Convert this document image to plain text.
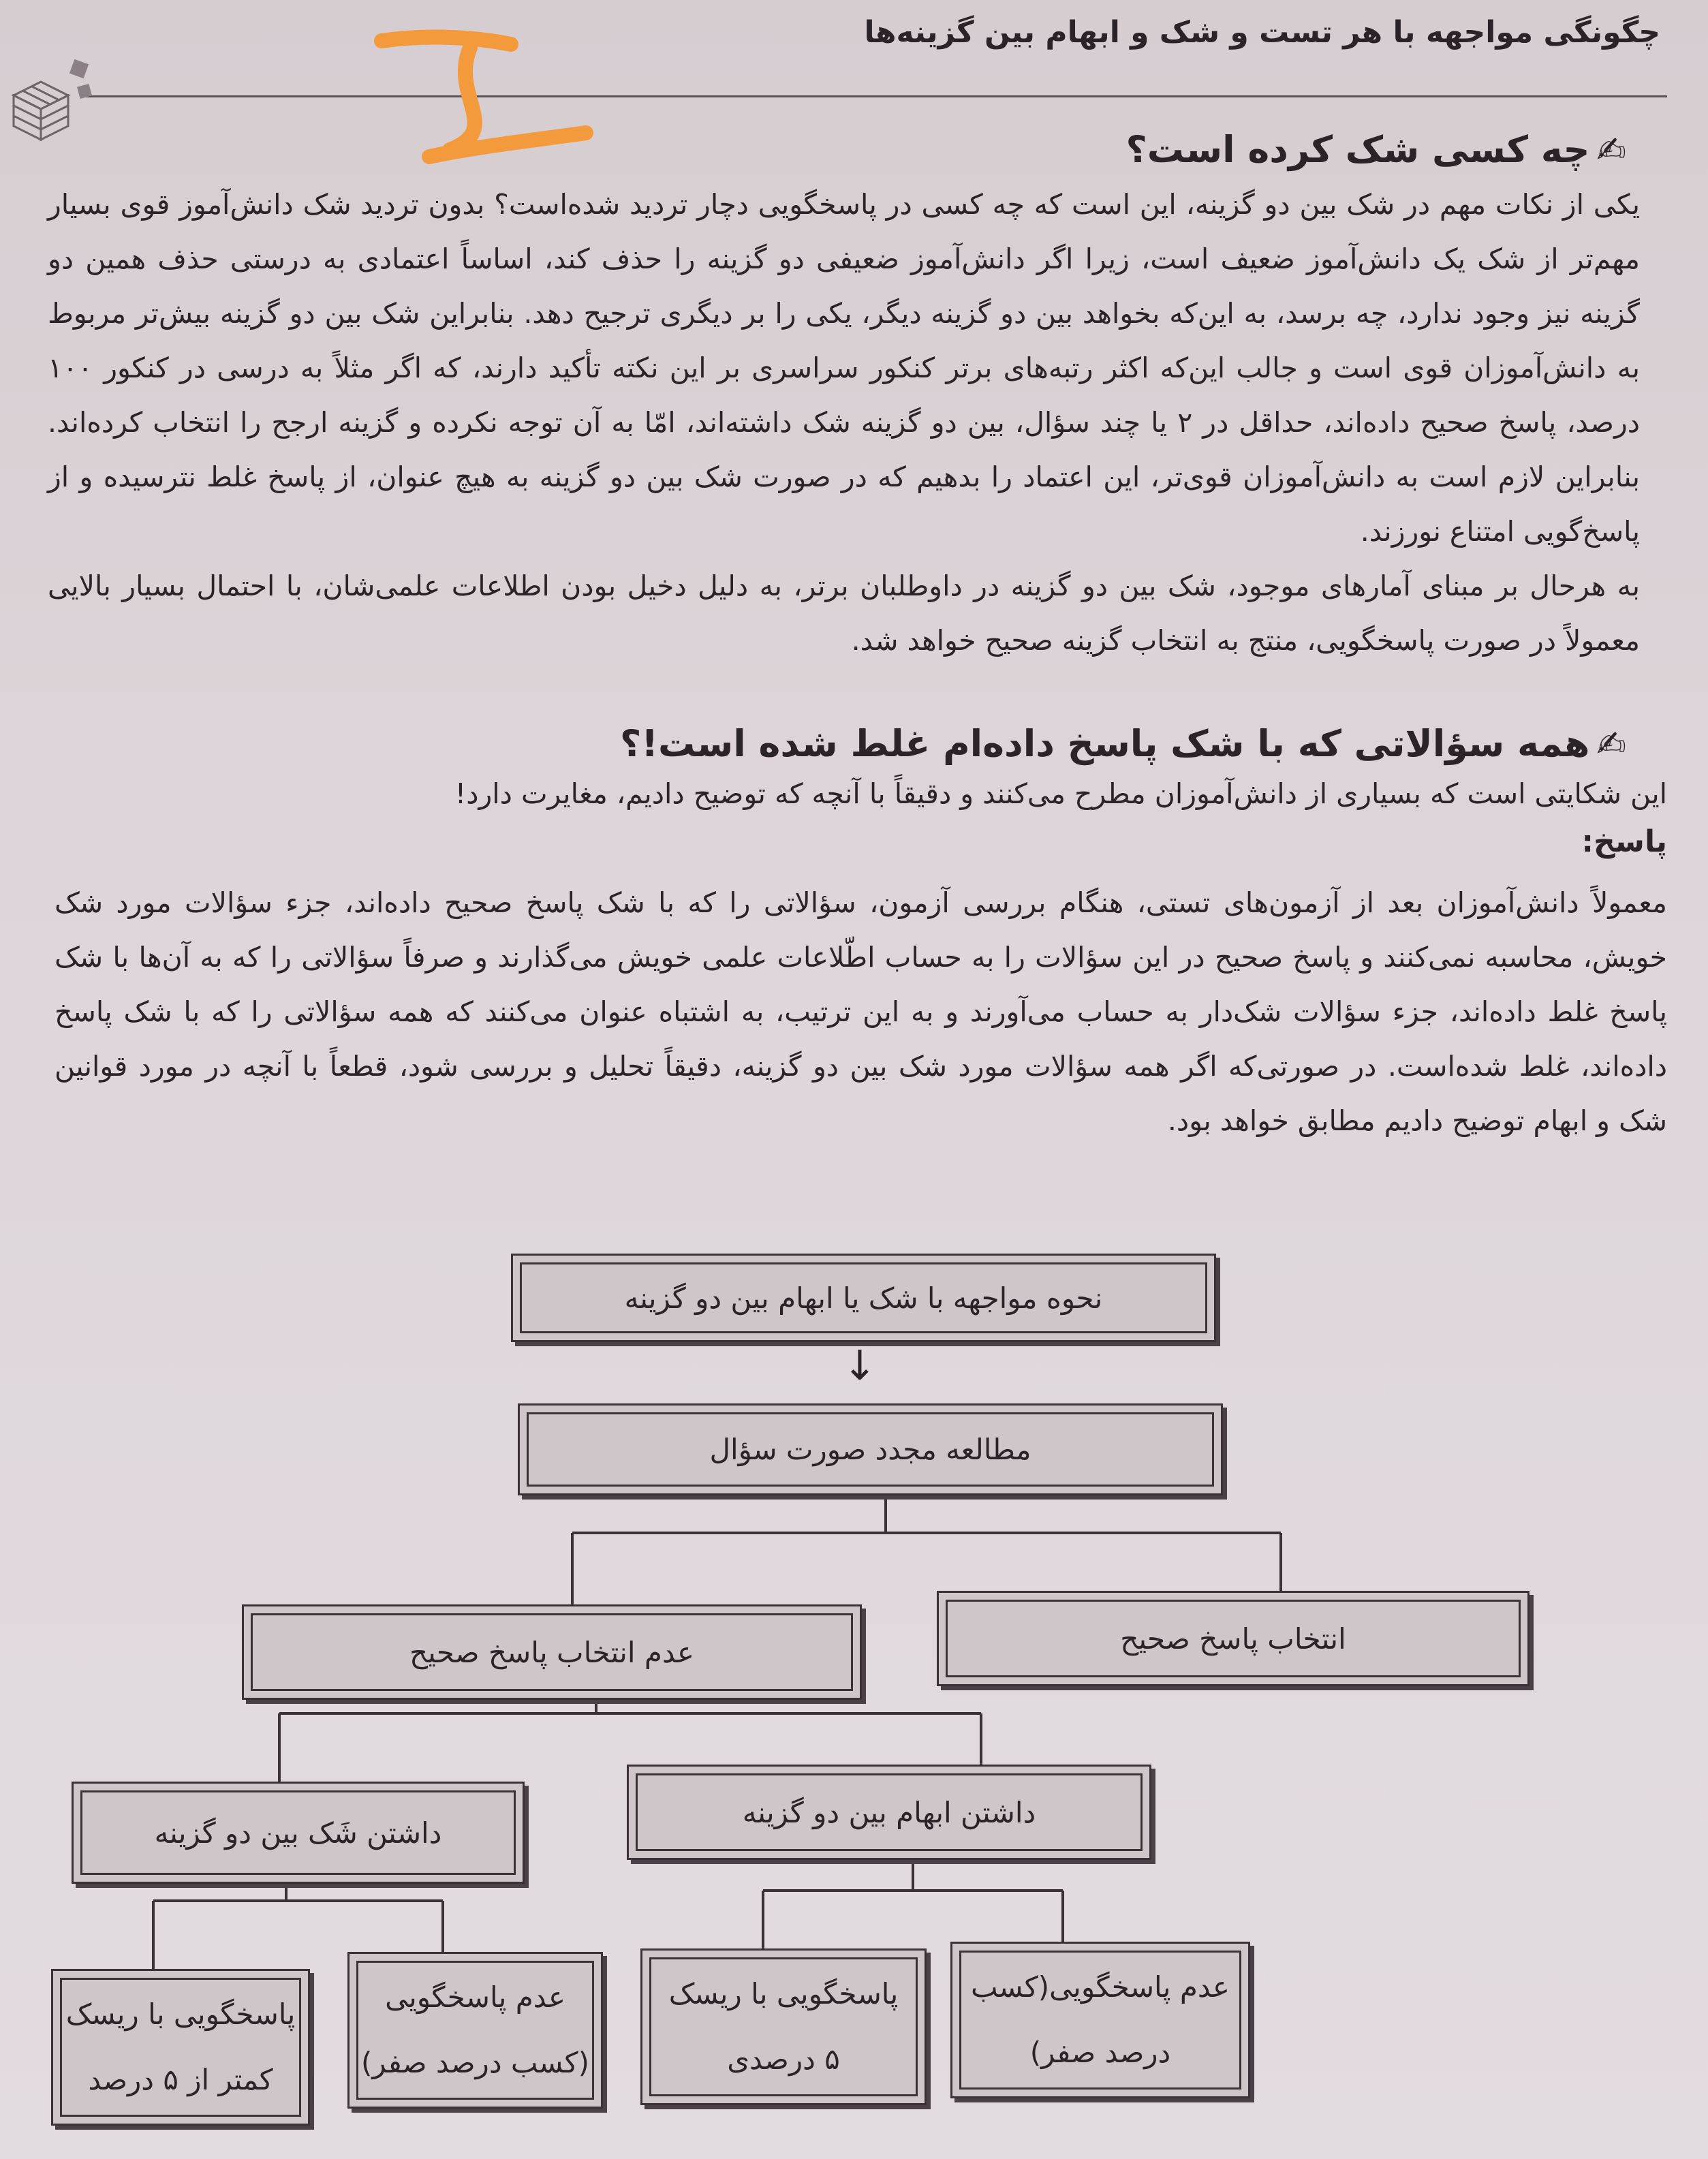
چگونگی مواجهه با هر تست و شک و ابهام بین گزینه‌ها
✍چه کسی شک کرده است؟

یکی از نکات مهم در شک بین دو گزینه، این است که چه کسی در پاسخگویی دچار تردید شده‌است؟ بدون تردید شک دانش‌آموز قوی بسیار مهم‌تر از شک یک دانش‌آموز ضعیف است، زیرا اگر دانش‌آموز ضعیفی دو گزینه را حذف کند، اساساً اعتمادی به درستی حذف همین دو گزینه نیز وجود ندارد، چه برسد، به این‌که بخواهد بین دو گزینه دیگر، یکی را بر دیگری ترجیح دهد. بنابراین شک بین دو گزینه بیش‌تر مربوط به دانش‌آموزان قوی است و جالب این‌که اکثر رتبه‌های برتر کنکور سراسری بر این نکته تأکید دارند، که اگر مثلاً به درسی در کنکور ۱۰۰ درصد، پاسخ صحیح داده‌اند، حداقل در ۲ یا چند سؤال، بین دو گزینه شک داشته‌اند، امّا به آن توجه نکرده و گزینه ارجح را انتخاب کرده‌اند. بنابراین لازم است به دانش‌آموزان قوی‌تر، این اعتماد را بدهیم که در صورت شک بین دو گزینه به هیچ عنوان، از پاسخ غلط نترسیده و از پاسخ‌گویی امتناع نورزند.

به هرحال بر مبنای آمارهای موجود، شک بین دو گزینه در داوطلبان برتر، به دلیل دخیل بودن اطلاعات علمی‌شان، با احتمال بسیار بالایی معمولاً در صورت پاسخگویی، منتج به انتخاب گزینه صحیح خواهد شد.

✍همه سؤالاتی که با شک پاسخ داده‌ام غلط شده است!؟
این شکایتی است که بسیاری از دانش‌آموزان مطرح می‌کنند و دقیقاً با آنچه که توضیح دادیم، مغایرت دارد!
پاسخ:
معمولاً دانش‌آموزان بعد از آزمون‌های تستی، هنگام بررسی آزمون، سؤالاتی را که با شک پاسخ صحیح داده‌اند، جزء سؤالات مورد شک خویش، محاسبه نمی‌کنند و پاسخ صحیح در این سؤالات را به حساب اطّلاعات علمی خویش می‌گذارند و صرفاً سؤالاتی را که به آن‌ها با شک پاسخ غلط داده‌اند، جزء سؤالات شک‌دار به حساب می‌آورند و به این ترتیب، به اشتباه عنوان می‌کنند که همه سؤالاتی را که با شک پاسخ داده‌اند، غلط شده‌است. در صورتی‌که اگر همه سؤالات مورد شک بین دو گزینه، دقیقاً تحلیل و بررسی شود، قطعاً با آنچه در مورد قوانین شک و ابهام توضیح دادیم مطابق خواهد بود.
نحوه مواجهه با شک یا ابهام بین دو گزینه
↓
مطالعه مجدد صورت سؤال
انتخاب پاسخ صحیح
عدم انتخاب پاسخ صحیح
داشتن ابهام بین دو گزینه
داشتن شَک بین دو گزینه
عدم پاسخگویی(کسب
درصد صفر)
پاسخگویی با ریسک
۵ درصدی
عدم پاسخگویی
(کسب درصد صفر)
پاسخگویی با ریسک
کمتر از ۵ درصد
